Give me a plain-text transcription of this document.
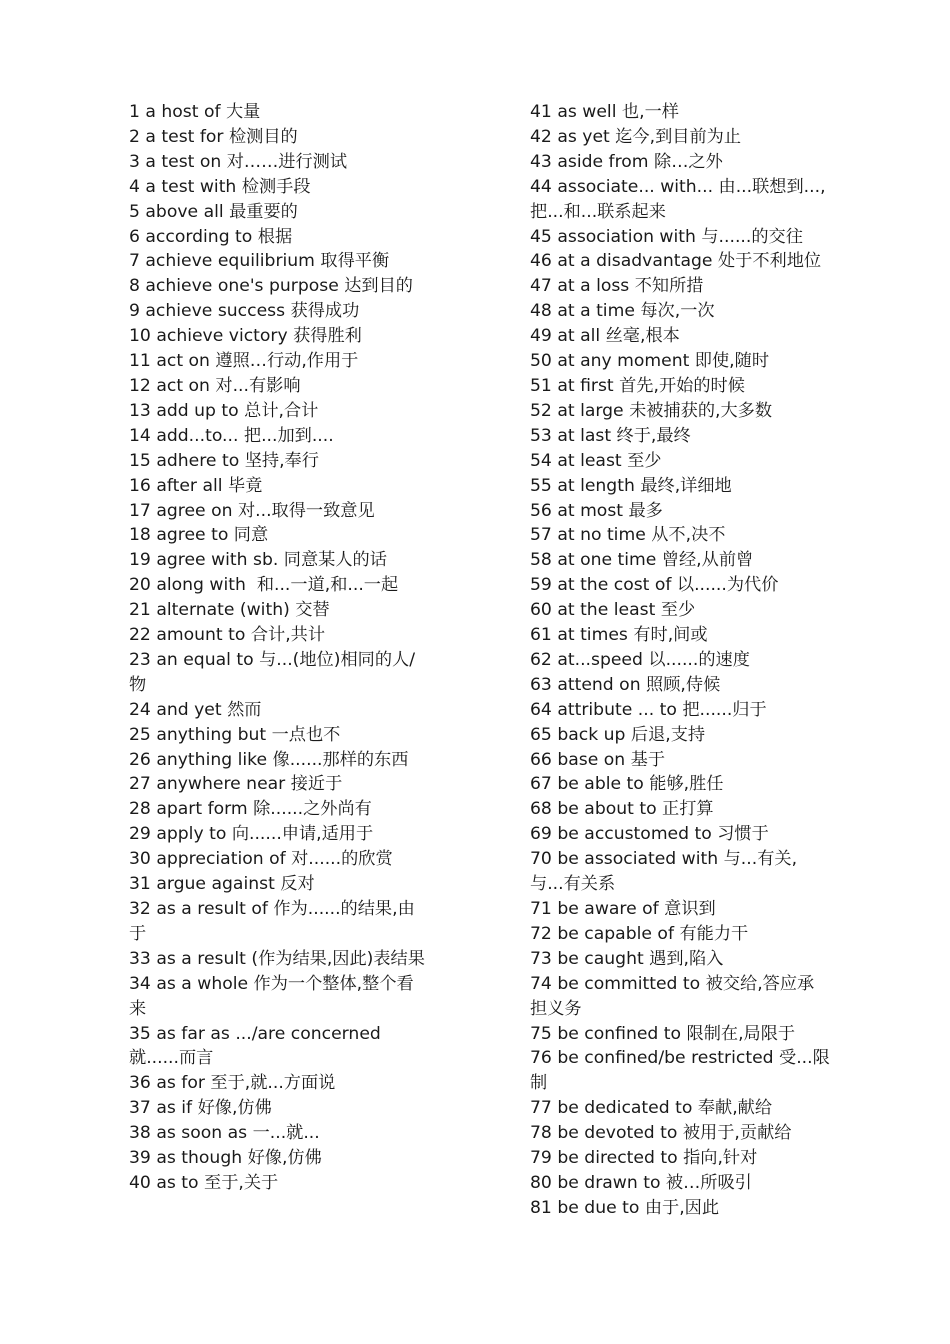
1 a host of 大量
2 a test for 检测目的
3 a test on 对……进行测试
4 a test with 检测手段
5 above all 最重要的
6 according to 根据
7 achieve equilibrium 取得平衡
8 achieve one's purpose 达到目的
9 achieve success 获得成功
10 achieve victory 获得胜利
11 act on 遵照…行动,作用于
12 act on 对...有影响
13 add up to 总计,合计
14 add...to... 把...加到....
15 adhere to 坚持,奉行
16 after all 毕竟
17 agree on 对...取得一致意见
18 agree to 同意
19 agree with sb. 同意某人的话
20 along with  和...一道,和...一起
21 alternate (with) 交替
22 amount to 合计,共计
23 an equal to 与...(地位)相同的人/物
24 and yet 然而
25 anything but 一点也不
26 anything like 像......那样的东西
27 anywhere near 接近于
28 apart form 除......之外尚有
29 apply to 向......申请,适用于
30 appreciation of 对......的欣赏
31 argue against 反对
32 as a result of 作为......的结果,由于
33 as a result (作为结果,因此)表结果
34 as a whole 作为一个整体,整个看来
35 as far as .../are concerned 就......而言
36 as for 至于,就...方面说
37 as if 好像,仿佛
38 as soon as 一...就...
39 as though 好像,仿佛
40 as to 至于,关于
41 as well 也,一样
42 as yet 迄今,到目前为止
43 aside from 除…之外
44 associate... with... 由...联想到...,把...和...联系起来
45 association with 与......的交往
46 at a disadvantage 处于不利地位
47 at a loss 不知所措
48 at a time 每次,一次
49 at all 丝毫,根本
50 at any moment 即使,随时
51 at first 首先,开始的时候
52 at large 未被捕获的,大多数
53 at last 终于,最终
54 at least 至少
55 at length 最终,详细地
56 at most 最多
57 at no time 从不,决不
58 at one time 曾经,从前曾
59 at the cost of 以......为代价
60 at the least 至少
61 at times 有时,间或
62 at...speed 以......的速度
63 attend on 照顾,侍候
64 attribute ... to 把......归于
65 back up 后退,支持
66 base on 基于
67 be able to 能够,胜任
68 be about to 正打算
69 be accustomed to 习惯于
70 be associated with 与...有关,与...有关系
71 be aware of 意识到
72 be capable of 有能力干
73 be caught 遇到,陷入
74 be committed to 被交给,答应承担义务
75 be confined to 限制在,局限于
76 be confined/be restricted 受...限制
77 be dedicated to 奉献,献给
78 be devoted to 被用于,贡献给
79 be directed to 指向,针对
80 be drawn to 被…所吸引
81 be due to 由于,因此
